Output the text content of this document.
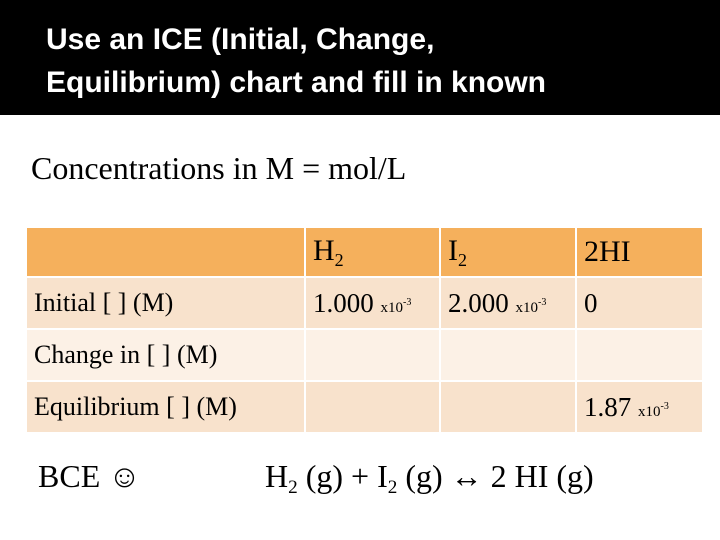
Use an ICE (Initial, Change,
Equilibrium) chart and fill in known
Concentrations in M = mol/L
	$H_2$	$I_2$	2HI
Initial [ ] (M)	1.000 $x10^{-3}$	2.000 $x10^{-3}$	0
Change in [ ] (M)			
Equilibrium [ ] (M)			1.87 $x10^{-3}$
BCE ☺	$H_2$ $(g) + I_2$ (g) ↔ 2 HI (g)
